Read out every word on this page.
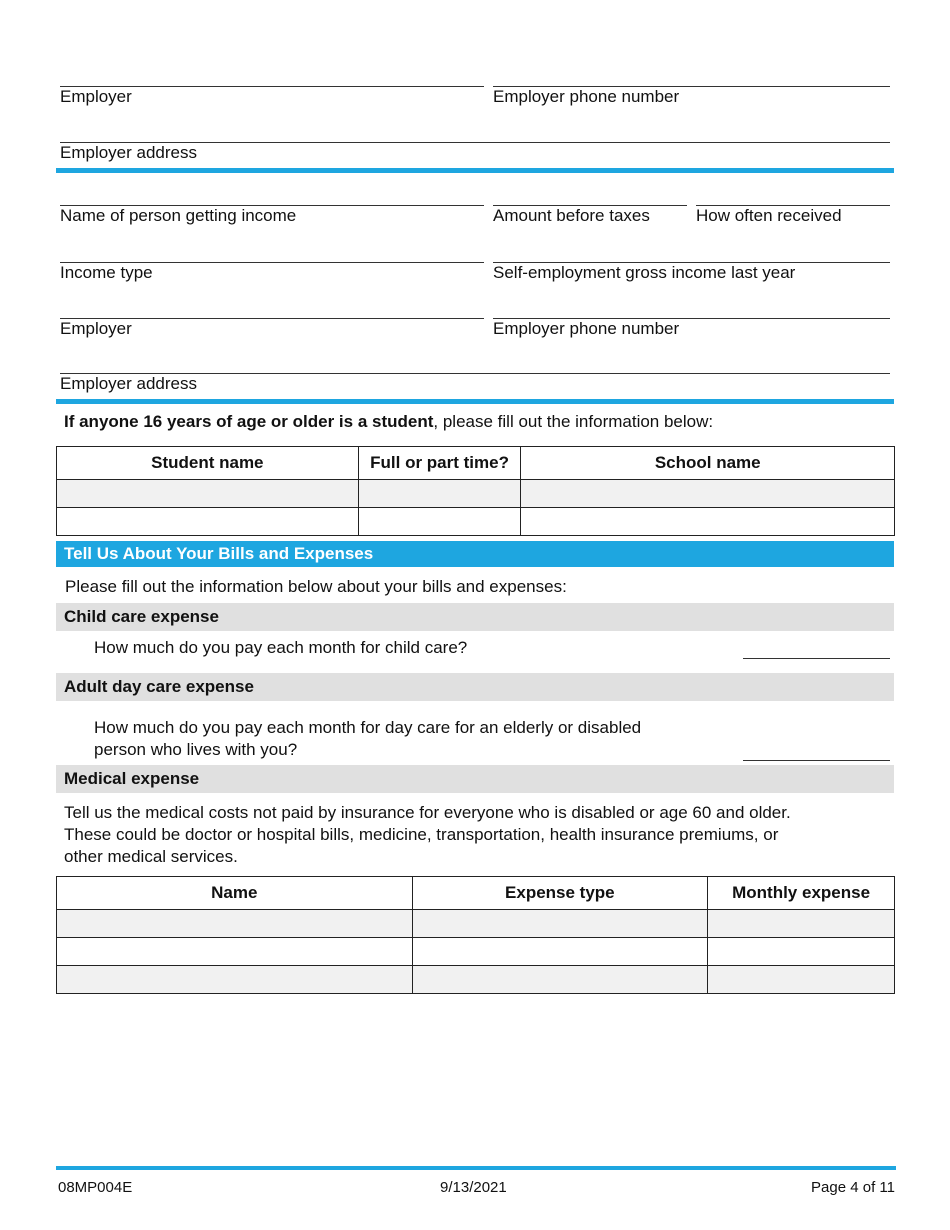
Employer	Employer phone number
Employer address
Name of person getting income	Amount before taxes	How often received
Income type	Self-employment gross income last year
Employer	Employer phone number
Employer address
If anyone 16 years of age or older is a student, please fill out the information below:
Student name	Full or part time?	School name

Tell Us About Your Bills and Expenses
Please fill out the information below about your bills and expenses:
Child care expense
How much do you pay each month for child care?
Adult day care expense
How much do you pay each month for day care for an elderly or disabled
person who lives with you?
Medical expense
Tell us the medical costs not paid by insurance for everyone who is disabled or age 60 and older.
These could be doctor or hospital bills, medicine, transportation, health insurance premiums, or
other medical services.
Name	Expense type	Monthly expense

08MP004E	9/13/2021	Page 4 of 11
